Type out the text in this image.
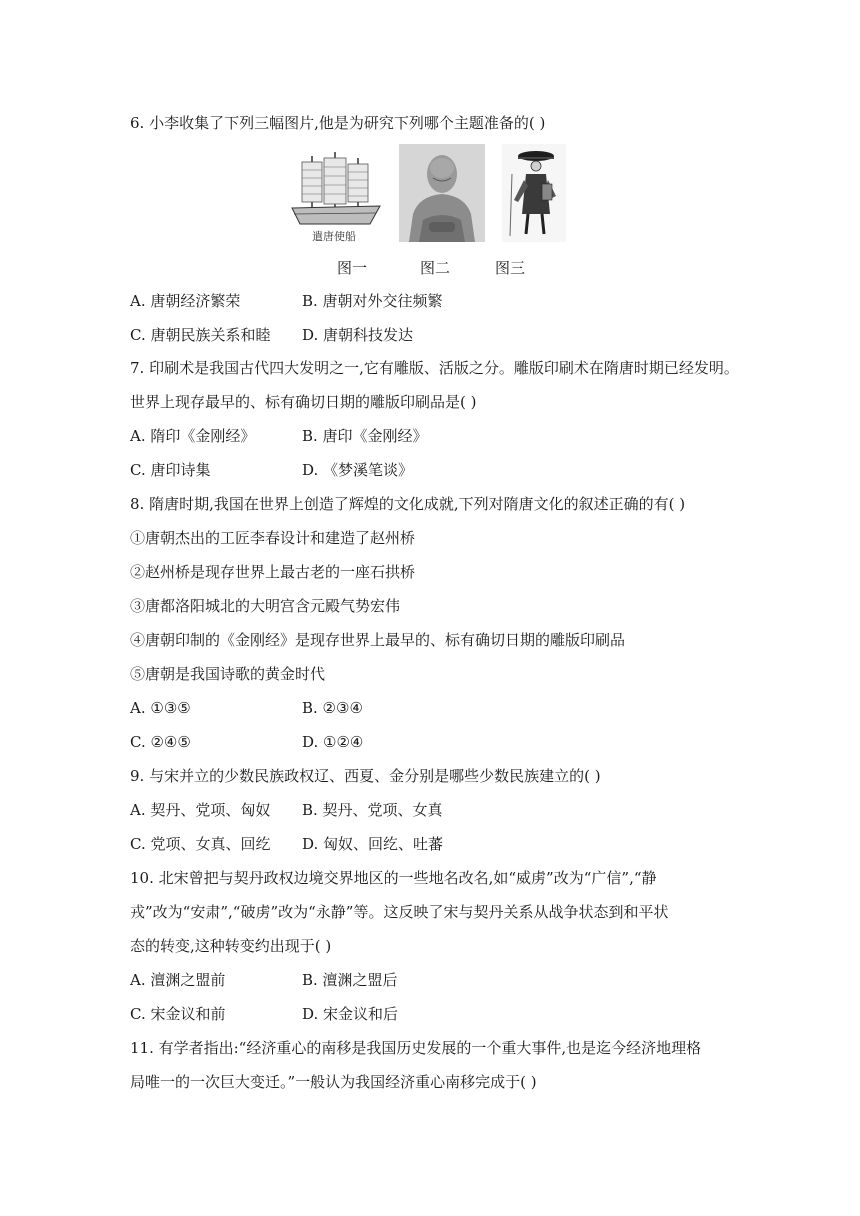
6. 小李收集了下列三幅图片,他是为研究下列哪个主题准备的( )
遣唐使船
图一	图二	图三
A. 唐朝经济繁荣	B. 唐朝对外交往频繁
C. 唐朝民族关系和睦 D. 唐朝科技发达
7. 印刷术是我国古代四大发明之一,它有雕版、活版之分。雕版印刷术在隋唐时期已经发明。
世界上现存最早的、标有确切日期的雕版印刷品是( )
A. 隋印《金刚经》	B. 唐印《金刚经》
C. 唐印诗集	D. 《梦溪笔谈》
8. 隋唐时期,我国在世界上创造了辉煌的文化成就,下列对隋唐文化的叙述正确的有( )
①唐朝杰出的工匠李春设计和建造了赵州桥
②赵州桥是现存世界上最古老的一座石拱桥
③唐都洛阳城北的大明宫含元殿气势宏伟
④唐朝印制的《金刚经》是现存世界上最早的、标有确切日期的雕版印刷品
⑤唐朝是我国诗歌的黄金时代
A. ①③⑤	B. ②③④
C. ②④⑤	D. ①②④
9. 与宋并立的少数民族政权辽、西夏、金分别是哪些少数民族建立的( )
A. 契丹、党项、匈奴 B. 契丹、党项、女真
C. 党项、女真、回纥 D. 匈奴、回纥、吐蕃
10. 北宋曾把与契丹政权边境交界地区的一些地名改名,如“威虏”改为“广信”,“静
戎”改为“安肃”,“破虏”改为“永静”等。这反映了宋与契丹关系从战争状态到和平状
态的转变,这种转变约出现于( )
A. 澶渊之盟前	B. 澶渊之盟后
C. 宋金议和前	D. 宋金议和后
11. 有学者指出:“经济重心的南移是我国历史发展的一个重大事件,也是迄今经济地理格
局唯一的一次巨大变迁。”一般认为我国经济重心南移完成于( )
